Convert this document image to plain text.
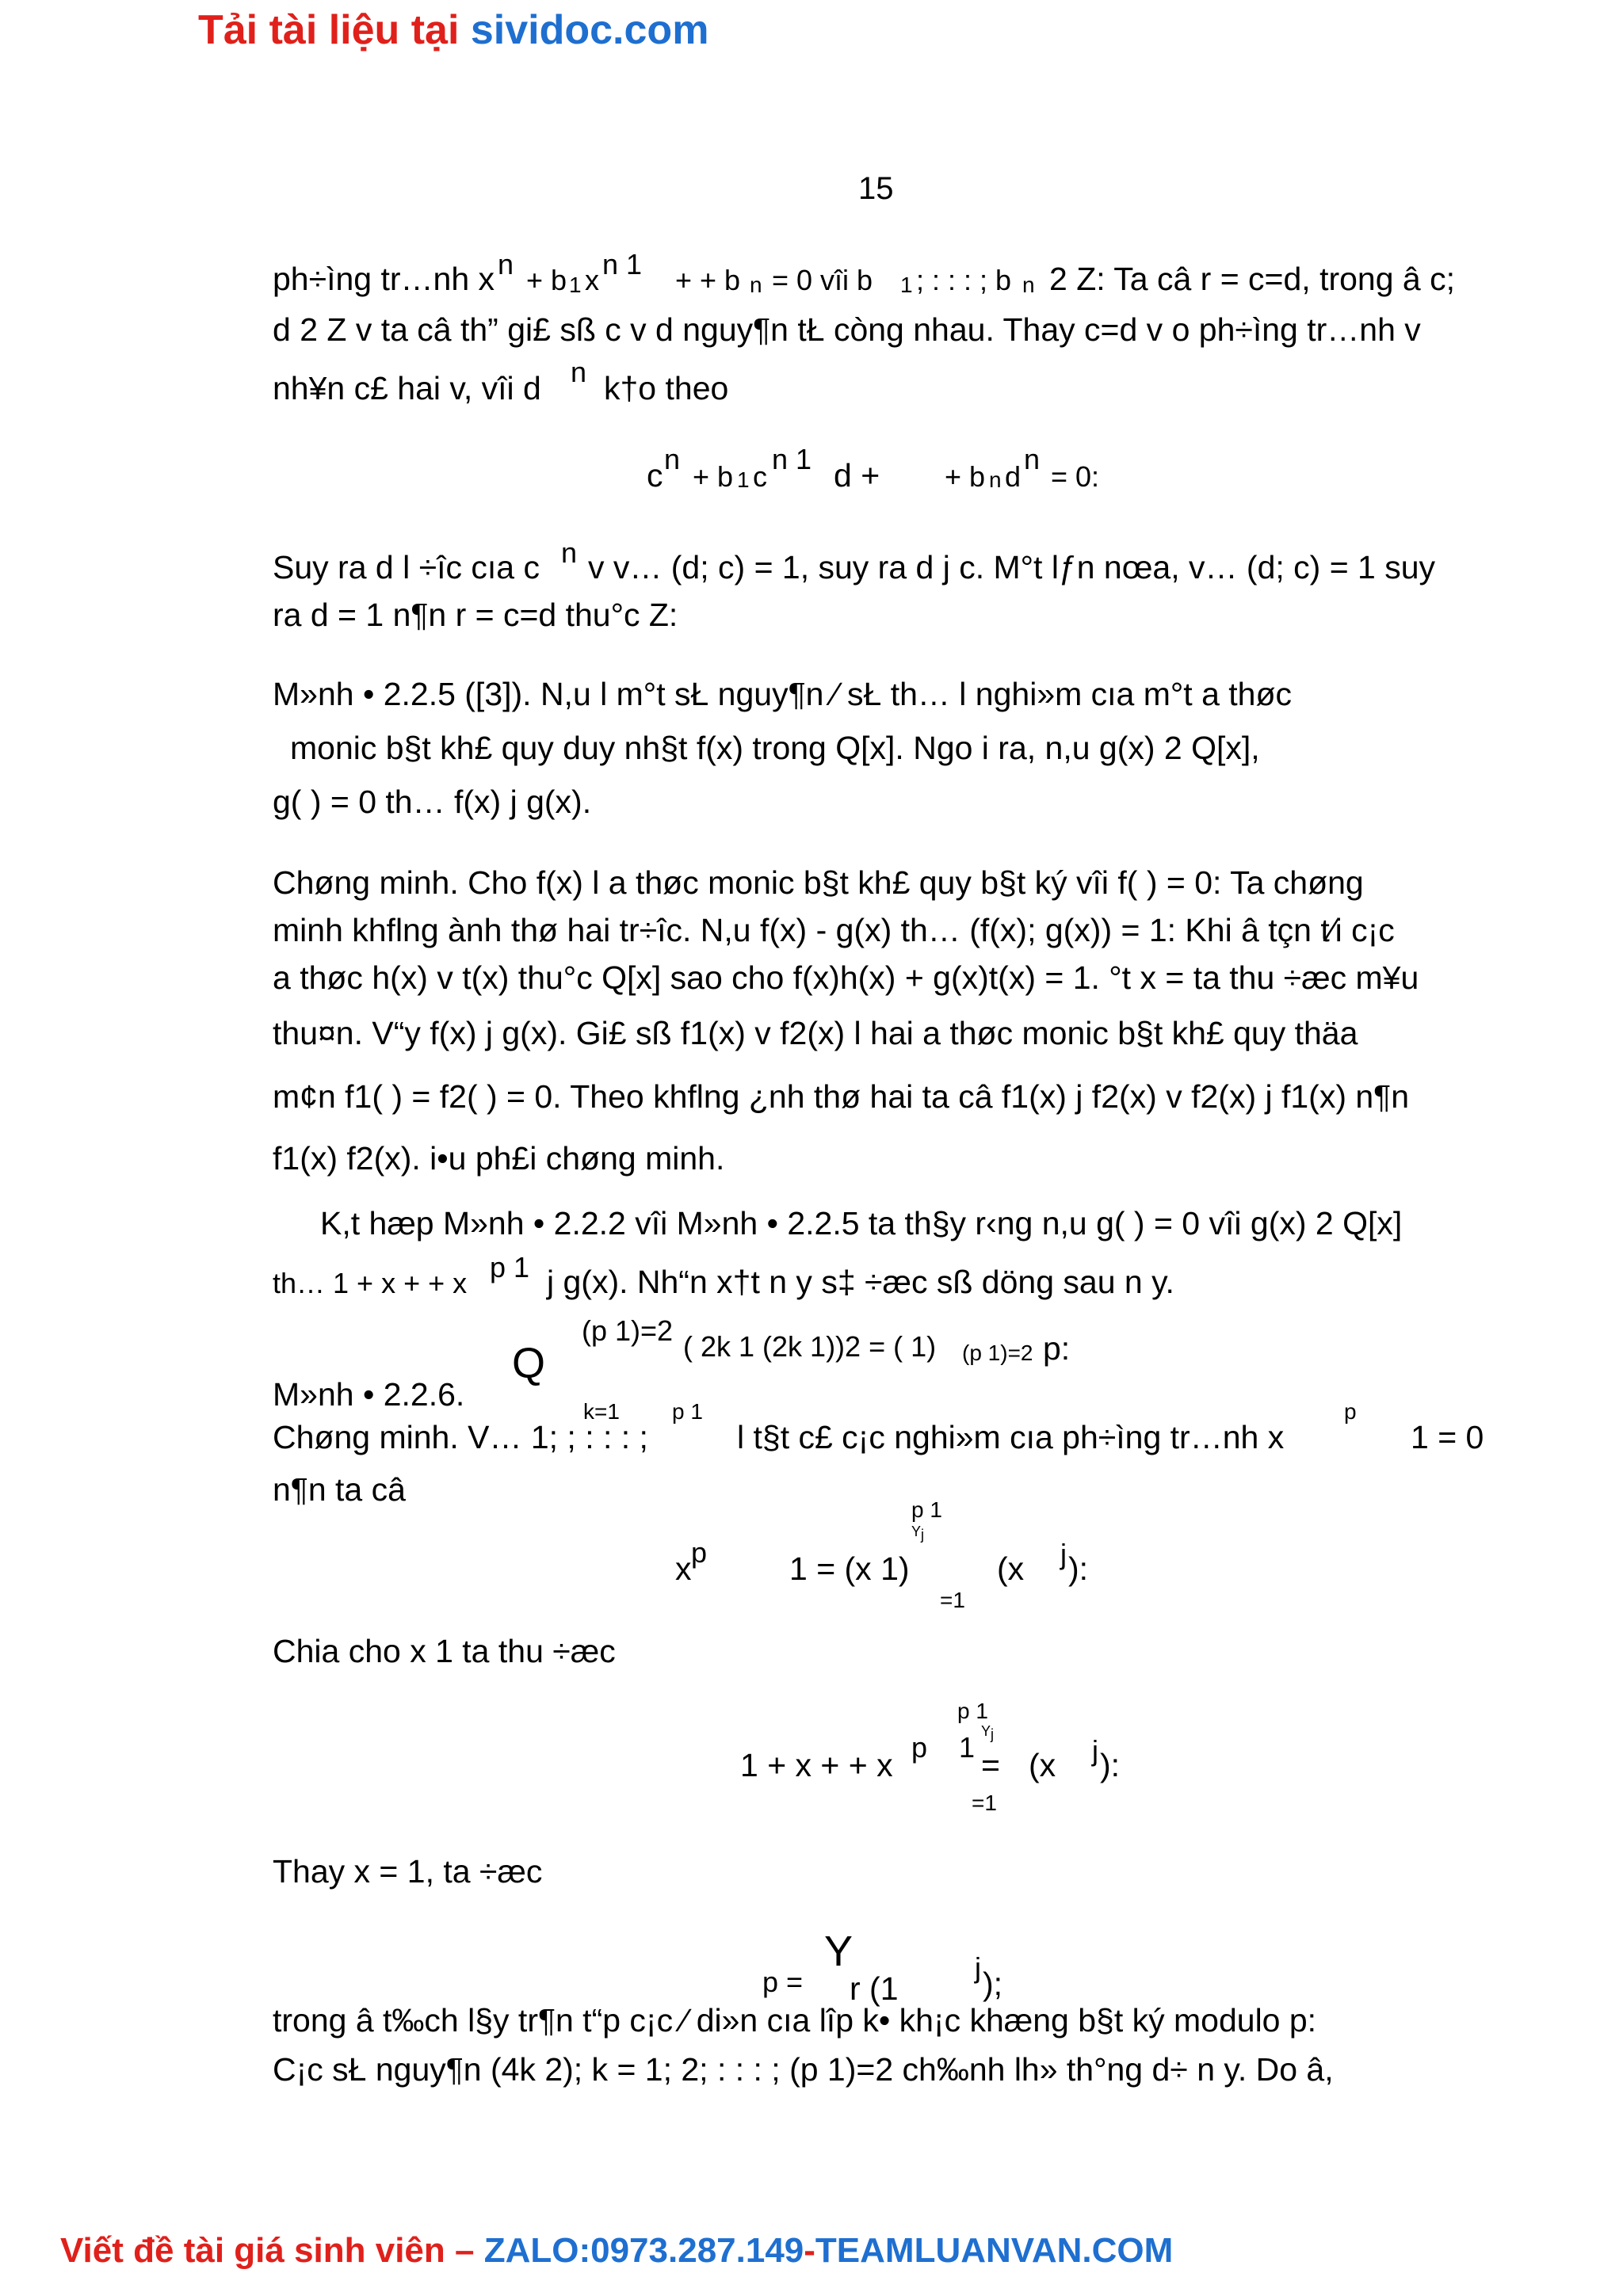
Tải tài liệu tại sividoc.com
15
ph÷ìng tr…nh x n + b 1 x n 1 + + b n = 0 vîi b 1 ; : : : ; b n 2 Z: Ta câ r = c=d, trong â c;
d 2 Z v ta câ th” gi£ sß c v d nguy¶n tŁ còng nhau. Thay c=d v o ph÷ìng tr…nh v
nh¥n c£ hai v, vîi d n k†o theo
c n
+ b 1 c
n 1 d + + b n d
n
= 0:
Suy ra d l ÷îc cıa c n v v… (d; c) = 1, suy ra d j c. M°t lƒn nœa, v… (d; c) = 1 suy
ra d = 1 n¶n r = c=d thu°c Z:
M»nh • 2.2.5 ([3]). N,u l m°t sŁ nguy¶n ⁄ sŁ th… l nghi»m cıa m°t a thøc
monic b§t kh£ quy duy nh§t f(x) trong Q[x]. Ngo i ra, n,u g(x) 2 Q[x],
g( ) = 0 th… f(x) j g(x).
Chøng minh. Cho f(x) l a thøc monic b§t kh£ quy b§t ký vîi f( ) = 0: Ta chøng
minh khflng ành thø hai tr÷îc. N,u f(x) - g(x) th… (f(x); g(x)) = 1: Khi â tçn t⁄i c¡c
a thøc h(x) v t(x) thu°c Q[x] sao cho f(x)h(x) + g(x)t(x) = 1. °t x = ta thu ÷æc m¥u
thu¤n. V“y f(x) j g(x). Gi£ sß f1(x) v f2(x) l hai a thøc monic b§t kh£ quy thäa
m¢n f1( ) = f2( ) = 0. Theo khflng ¿nh thø hai ta câ f1(x) j f2(x) v f2(x) j f1(x) n¶n
f1(x) f2(x). i•u ph£i chøng minh.
K,t hæp M»nh • 2.2.2 vîi M»nh • 2.2.5 ta th§y r‹ng n,u g( ) = 0 vîi g(x) 2 Q[x]
th… 1 + x + + x p 1 j g(x). Nh“n x†t n y s‡ ÷æc sß döng sau n y.
(p 1)=2
Q	( 2k 1 (2k 1))2 = ( 1) (p 1)=2 p:
M»nh • 2.2.6.	k=1 p 1
Chøng minh. V… 1; ; : : : ;	l t§t c£ c¡c nghi»m cıa ph÷ìng tr…nh x
p
1 = 0
n¶n ta câ
p 1
Y j
x p	1 = (x 1)	(x j ):
=1
Chia cho x 1 ta thu ÷æc
p 1
Y j
1 + x + + x p 1 = (x j ):
=1
Thay x = 1, ta ÷æc
Y
p = r (1
j );
trong â t‰ch l§y tr¶n t“p c¡c ⁄ di»n cıa lîp k• kh¡c khæng b§t ký modulo p:
C¡c sŁ nguy¶n (4k 2); k = 1; 2; : : : ; (p 1)=2 ch‰nh lh» th°ng d÷ n y. Do â,
Viết đề tài giá sinh viên – ZALO:0973.287.149-TEAMLUANVAN.COM
